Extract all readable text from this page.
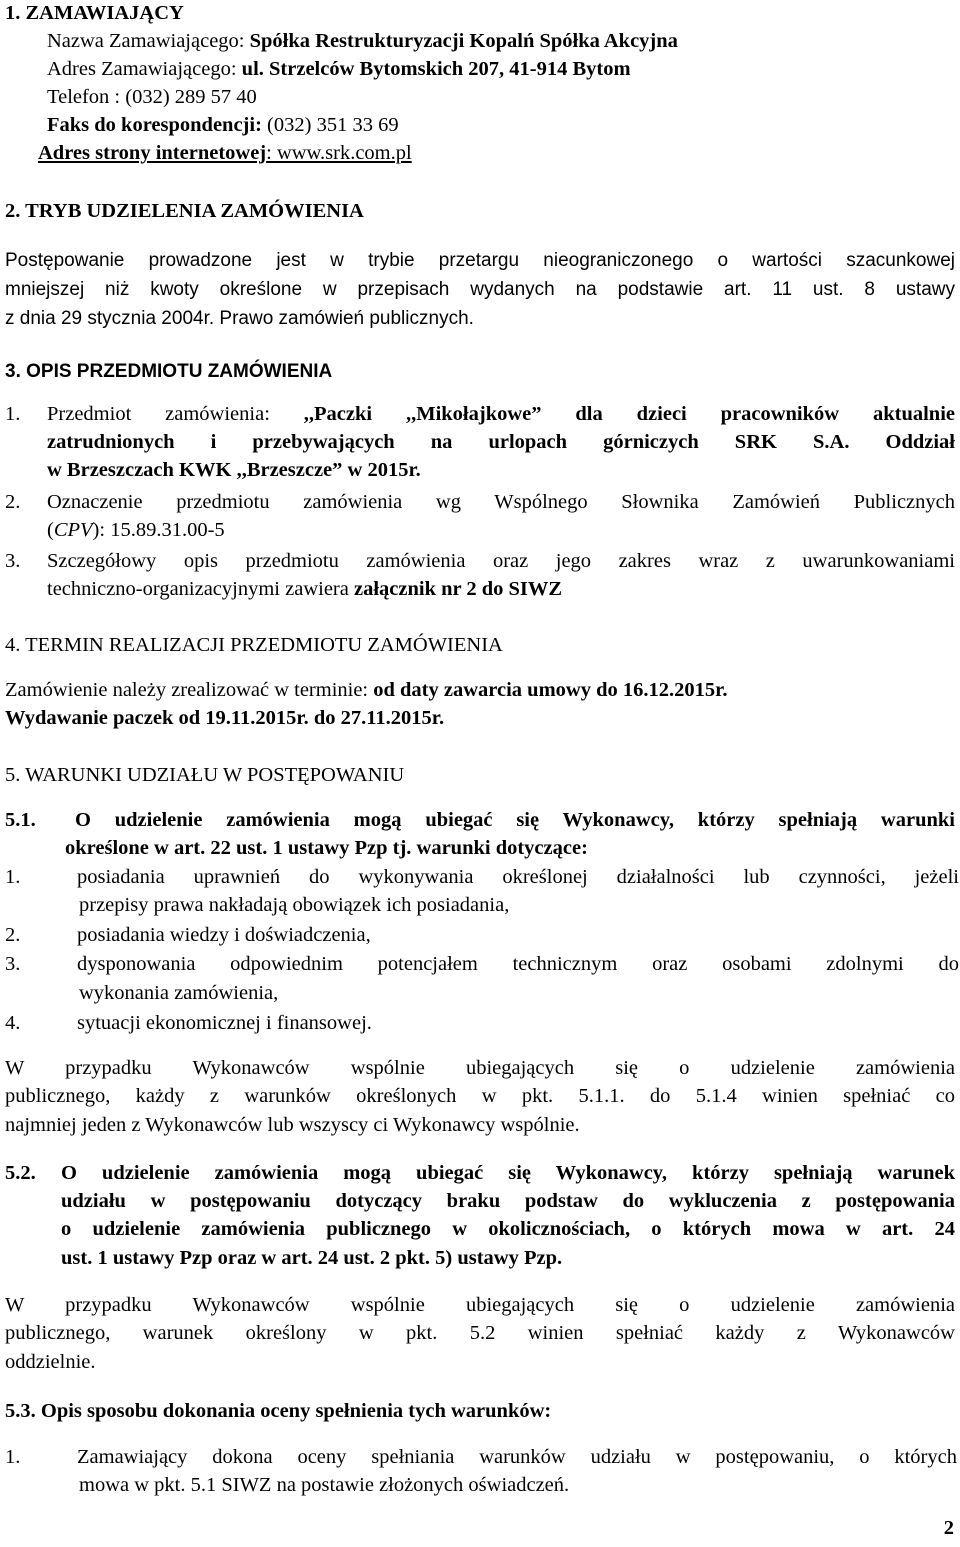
1. ZAMAWIAJĄCY
Nazwa Zamawiającego: Spółka Restrukturyzacji Kopalń Spółka Akcyjna
Adres Zamawiającego: ul. Strzelców Bytomskich 207, 41-914 Bytom
Telefon : (032) 289 57 40
Faks do korespondencji: (032) 351 33 69
Adres strony internetowej: www.srk.com.pl
2. TRYB UDZIELENIA ZAMÓWIENIA
Postępowanie prowadzone jest w trybie przetargu nieograniczonego o wartości szacunkowej
mniejszej niż kwoty określone w przepisach wydanych na podstawie art. 11 ust. 8 ustawy
z dnia 29 stycznia 2004r. Prawo zamówień publicznych.
3. OPIS PRZEDMIOTU ZAMÓWIENIA
1. Przedmiot zamówienia: ,,Paczki ,,Mikołajkowe” dla dzieci pracowników aktualnie
zatrudnionych i przebywających na urlopach górniczych SRK S.A. Oddział
w Brzeszczach KWK ,,Brzeszcze” w 2015r.
2. Oznaczenie przedmiotu zamówienia wg Wspólnego Słownika Zamówień Publicznych
(CPV): 15.89.31.00-5
3. Szczegółowy opis przedmiotu zamówienia oraz jego zakres wraz z uwarunkowaniami
techniczno-organizacyjnymi zawiera załącznik nr 2 do SIWZ
4. TERMIN REALIZACJI PRZEDMIOTU ZAMÓWIENIA
Zamówienie należy zrealizować w terminie: od daty zawarcia umowy do 16.12.2015r.
Wydawanie paczek od 19.11.2015r. do 27.11.2015r.
5. WARUNKI UDZIAŁU W POSTĘPOWANIU
5.1. O udzielenie zamówienia mogą ubiegać się Wykonawcy, którzy spełniają warunki
określone w art. 22 ust. 1 ustawy Pzp tj. warunki dotyczące:
1.	posiadania uprawnień do wykonywania określonej działalności lub czynności, jeżeli
przepisy prawa nakładają obowiązek ich posiadania,
2.	posiadania wiedzy i doświadczenia,
3.	dysponowania odpowiednim potencjałem technicznym oraz osobami zdolnymi do
wykonania zamówienia,
4.	sytuacji ekonomicznej i finansowej.
W przypadku Wykonawców wspólnie ubiegających się o udzielenie zamówienia
publicznego, każdy z warunków określonych w pkt. 5.1.1. do 5.1.4 winien spełniać co
najmniej jeden z Wykonawców lub wszyscy ci Wykonawcy wspólnie.
5.2. O udzielenie zamówienia mogą ubiegać się Wykonawcy, którzy spełniają warunek
udziału w postępowaniu dotyczący braku podstaw do wykluczenia z postępowania
o udzielenie zamówienia publicznego w okolicznościach, o których mowa w art. 24
ust. 1 ustawy Pzp oraz w art. 24 ust. 2 pkt. 5) ustawy Pzp.
W przypadku Wykonawców wspólnie ubiegających się o udzielenie zamówienia
publicznego, warunek określony w pkt. 5.2 winien spełniać każdy z Wykonawców
oddzielnie.
5.3. Opis sposobu dokonania oceny spełnienia tych warunków:
1.	Zamawiający dokona oceny spełniania warunków udziału w postępowaniu, o których
mowa w pkt. 5.1 SIWZ na postawie złożonych oświadczeń.
2
